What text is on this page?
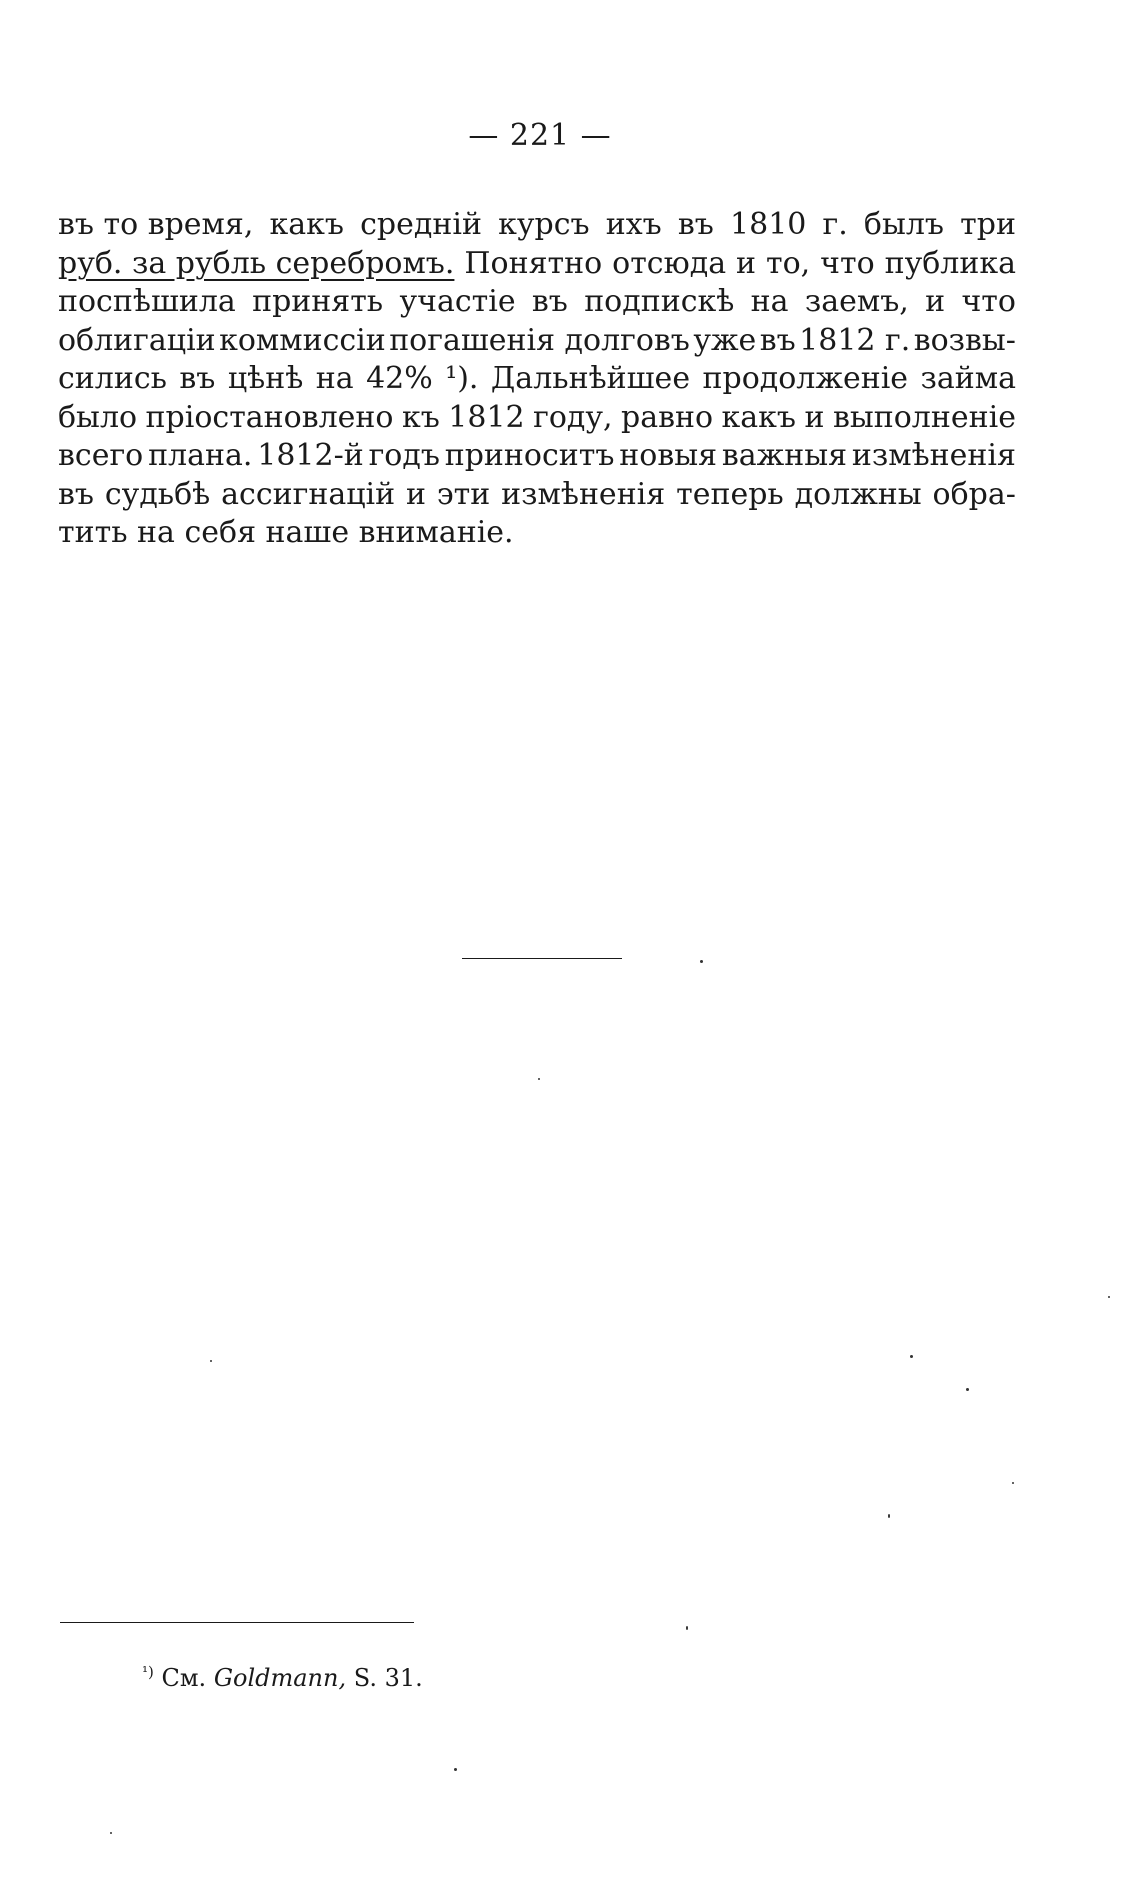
— 221 —
въ то время, какъ среднiй курсъ ихъ въ 1810 г. былъ три
руб. за рубль серебромъ. Понятно отсюда и то, что публика
поспѣшила принять участiе въ подпискѣ на заемъ, и что
облигацiи коммиссiи погашенiя долговъ уже въ 1812 г. возвы-
сились въ цѣнѣ на 42% ¹). Дальнѣйшее продолженiе займа
было прiостановлено къ 1812 году, равно какъ и выполненiе
всего плана. 1812-й годъ приноситъ новыя важныя измѣненiя
въ судьбѣ ассигнацiй и эти измѣненiя теперь должны обра-
тить на себя наше вниманiе.
$^{^1)}$ См. Goldmann, S. 31.
